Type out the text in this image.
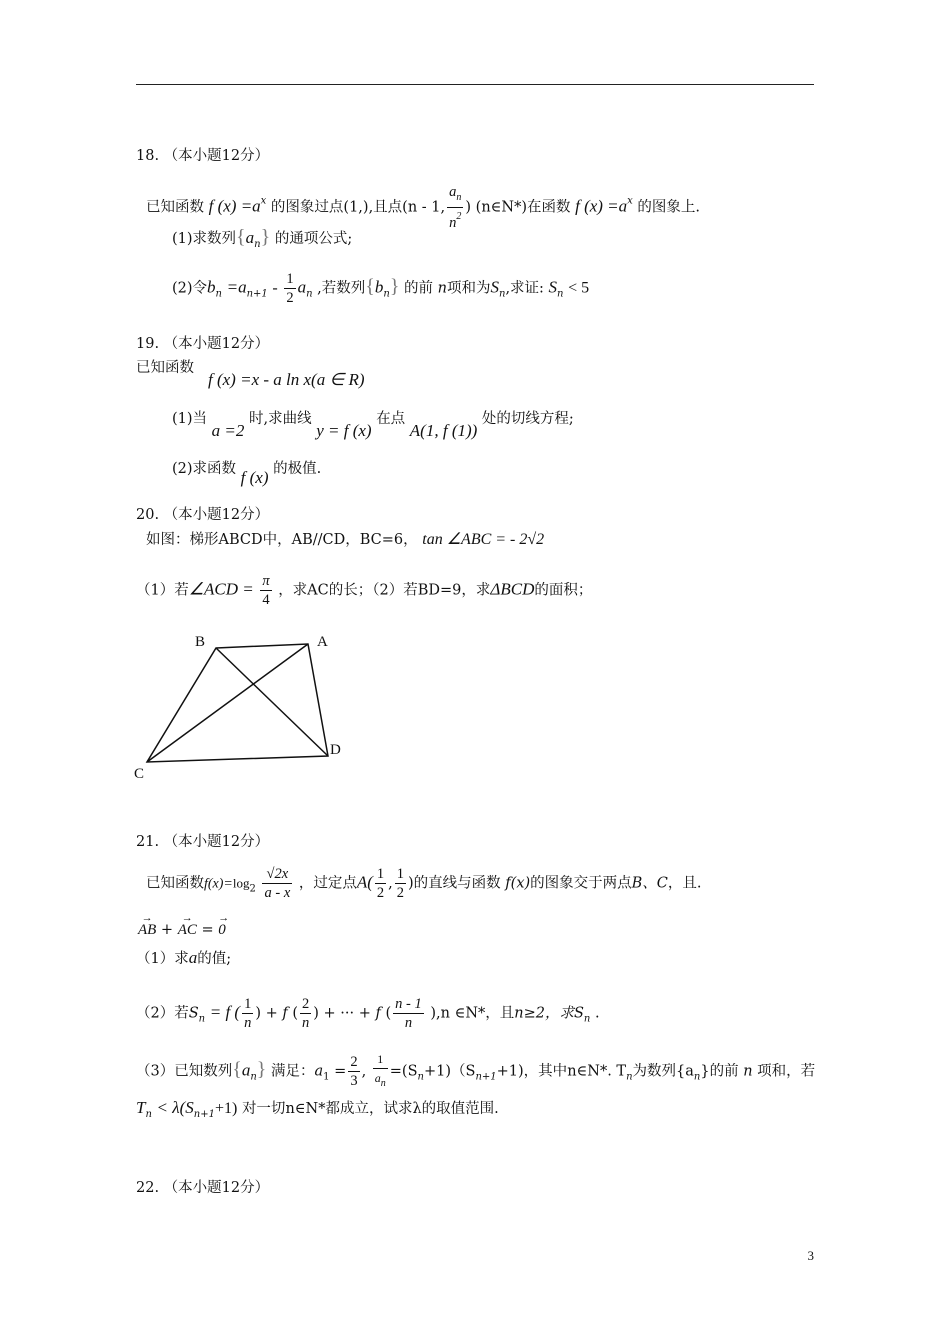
18. （本小题12分）
已知函数 f $(x) =a^x$ 的图象过点(1,),且点(n - 1, $\frac{a_n}{n^2}$ ) (n∈N*)在函数 f $(x) =a^x$ 的图象上.
(1)求数列$\{a_n\}$ 的通项公式;
(2)令$b_n =a_{n+1} - \frac{1}{2} a_n$ ,若数列$\{b_n\}$ 的前 n项和为$S_n$,求证: $S_n < 5$
19. （本小题12分）
已知函数
f (x) =x - a ln x(a ∈ R)
(1)当 a =2 时,求曲线 y = f (x) 在点 A(1, f (1)) 处的切线方程;
(2)求函数 f (x) 的极值.
20. （本小题12分）
如图：梯形ABCD中，AB//CD，BC=6， tan ∠ABC = - 2√2
（1）若∠ACD = $\frac{\pi}{4}$ ，求AC的长；（2）若BD=9，求ΔBCD的面积；
B	A
D
C
21. （本小题12分）
已知函数$f(x)=\log_2 \frac{√2x}{a - x}$ ，过定点$A( \frac{1}{2}$ , $\frac{1}{2}$ )的直线与函数 f(x)的图象交于两点B、C，且.
→ AB + → AC = → 0
（1）求a的值;
（2）若$S_n = f$ ( $\frac{1}{n}$ ) + f ( $\frac{2}{n}$ ) + ··· + f ( $\frac{n - 1}{n} ),n$ ∈N*，且n≥2，求$S_n$ .
（3）已知数列$\{a_n\}$ 满足：$a_1 = \frac{2}{3}$ , $\frac{1}{a_n} =(S_n+1)(S_{n+1}+1)$，其中n∈N*. $T_n$为数列$\{a_n\}$的前 n 项和，若
$T_n < \lambda(S_{n+1}+1)$ 对一切n∈N*都成立，试求λ的取值范围.
22. （本小题12分）
3
